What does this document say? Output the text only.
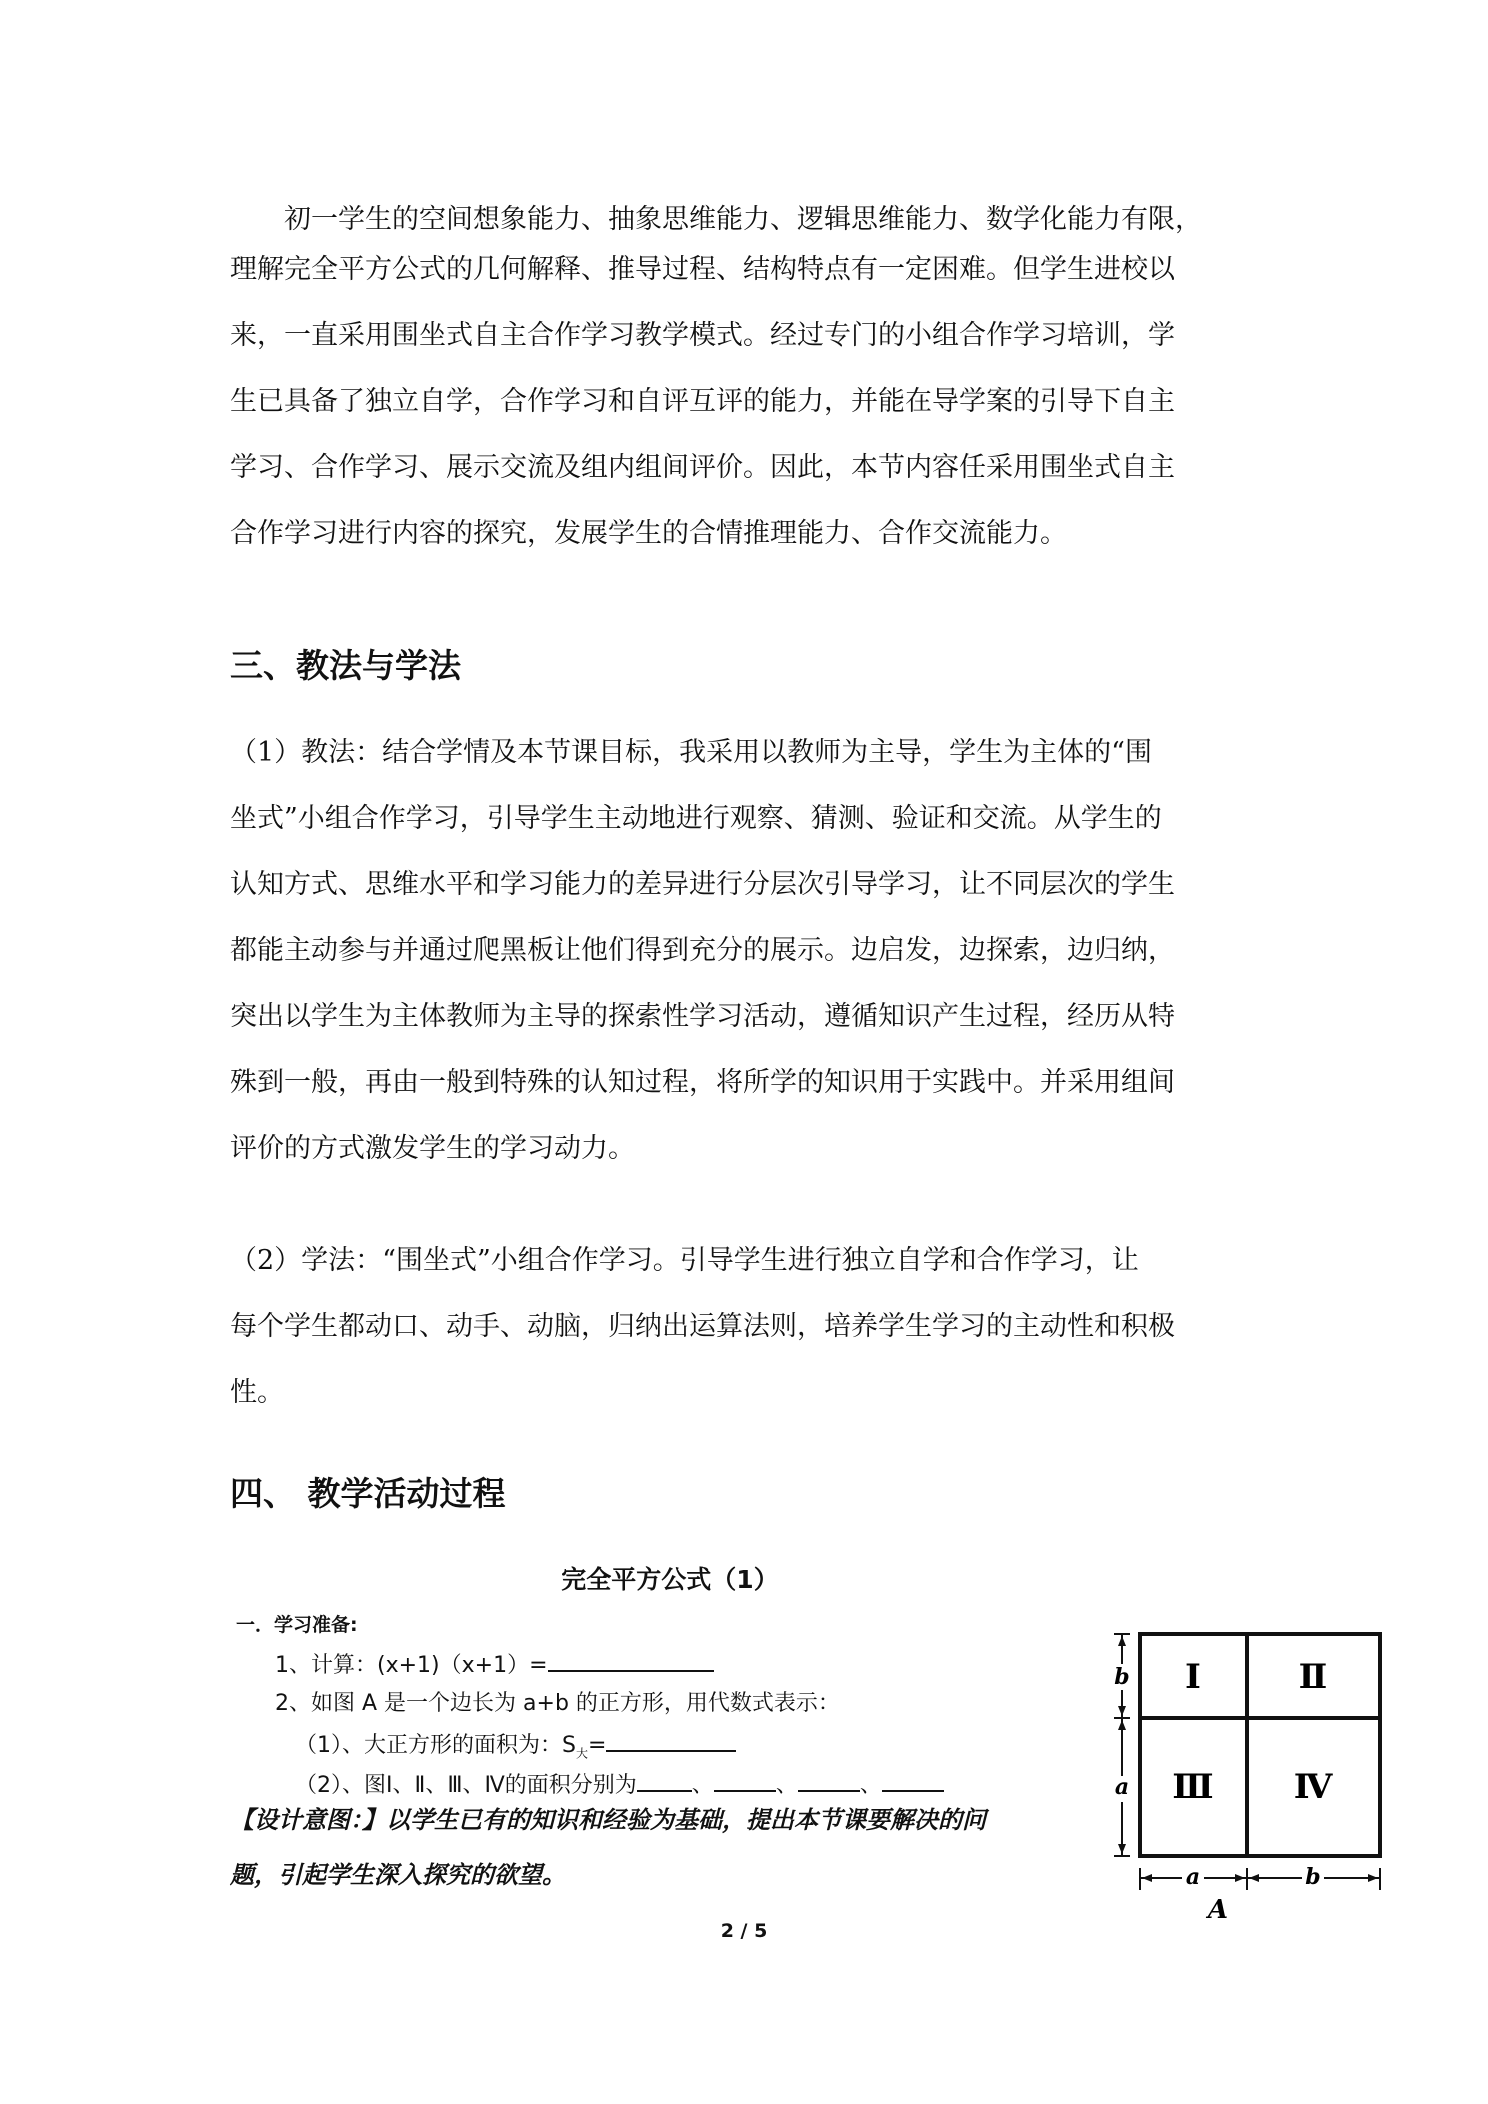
初一学生的空间想象能力、抽象思维能力、逻辑思维能力、数学化能力有限，
理解完全平方公式的几何解释、推导过程、结构特点有一定困难。但学生进校以
来，一直采用围坐式自主合作学习教学模式。经过专门的小组合作学习培训，学
生已具备了独立自学，合作学习和自评互评的能力，并能在导学案的引导下自主
学习、合作学习、展示交流及组内组间评价。因此，本节内容任采用围坐式自主
合作学习进行内容的探究，发展学生的合情推理能力、合作交流能力。
三、教法与学法
（1）教法：结合学情及本节课目标，我采用以教师为主导，学生为主体的“围
坐式”小组合作学习，引导学生主动地进行观察、猜测、验证和交流。从学生的
认知方式、思维水平和学习能力的差异进行分层次引导学习，让不同层次的学生
都能主动参与并通过爬黑板让他们得到充分的展示。边启发，边探索，边归纳，
突出以学生为主体教师为主导的探索性学习活动，遵循知识产生过程，经历从特
殊到一般，再由一般到特殊的认知过程，将所学的知识用于实践中。并采用组间
评价的方式激发学生的学习动力。
（2）学法：“围坐式”小组合作学习。引导学生进行独立自学和合作学习，让
每个学生都动口、动手、动脑，归纳出运算法则，培养学生学习的主动性和积极
性。
四、 教学活动过程
完全平方公式（1）
一．学习准备:
1、计算：(x+1)（x+1）=
2、如图 A 是一个边长为 a+b 的正方形，用代数式表示：
（1）、大正方形的面积为：$S_大=$
（2）、图Ⅰ、Ⅱ、Ⅲ、Ⅳ的面积分别为	、	、	、
【设计意图：】以学生已有的知识和经验为基础，提出本节课要解决的问
题，引起学生深入探究的欲望。
Ⅰ	Ⅱ
Ⅲ Ⅳ
b
a
a	b
A
2 / 5
